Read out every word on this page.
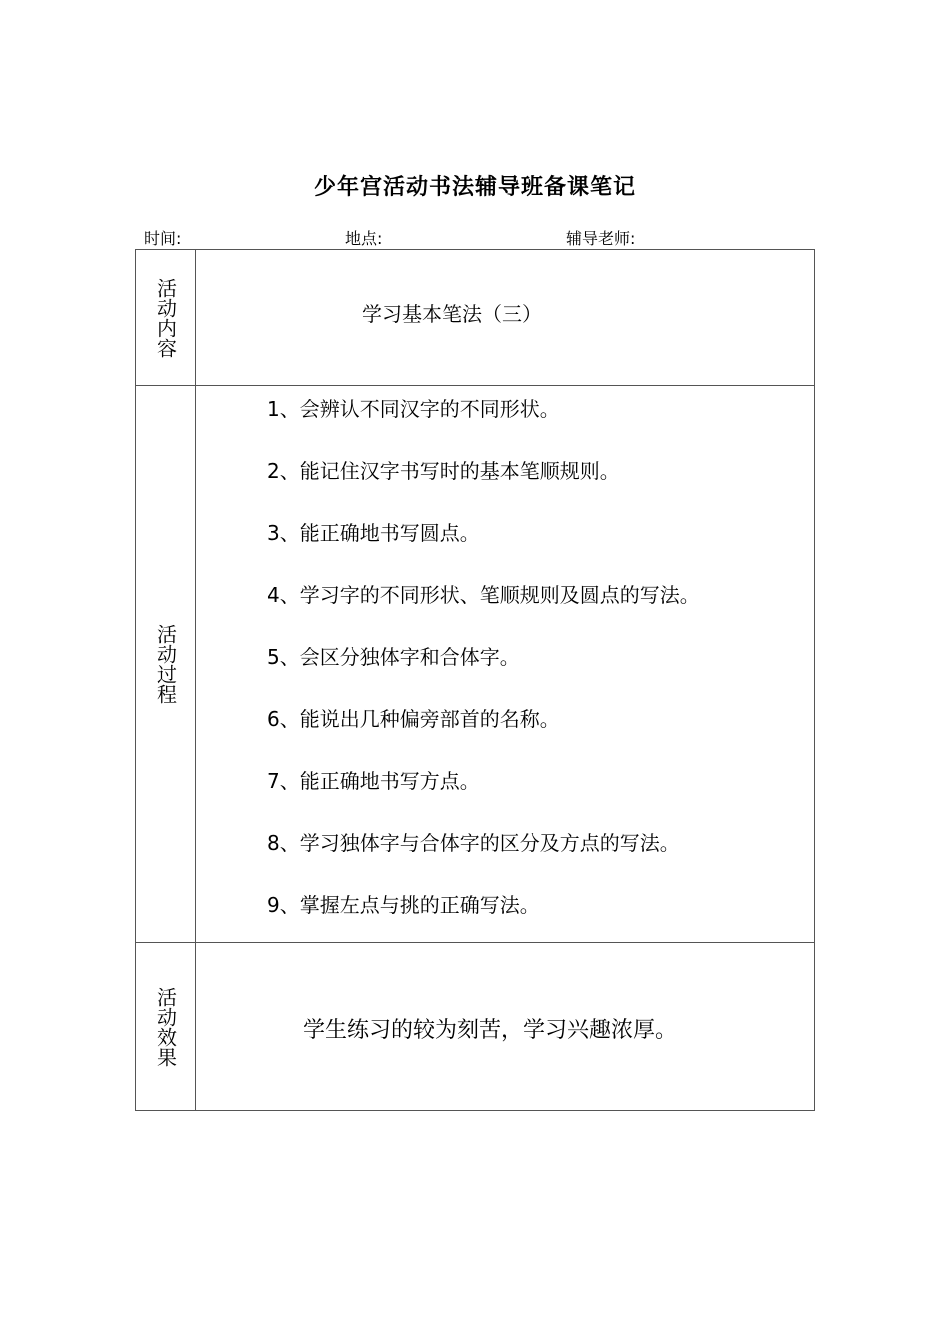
少年宫活动书法辅导班备课笔记
时间:	地点:	辅导老师:
活动内容	学习基本笔法（三）
活动过程
1、会辨认不同汉字的不同形状。
2、能记住汉字书写时的基本笔顺规则。
3、能正确地书写圆点。
4、学习字的不同形状、笔顺规则及圆点的写法。
5、会区分独体字和合体字。
6、能说出几种偏旁部首的名称。
7、能正确地书写方点。
8、学习独体字与合体字的区分及方点的写法。
9、掌握左点与挑的正确写法。
活动效果	学生练习的较为刻苦，学习兴趣浓厚。
